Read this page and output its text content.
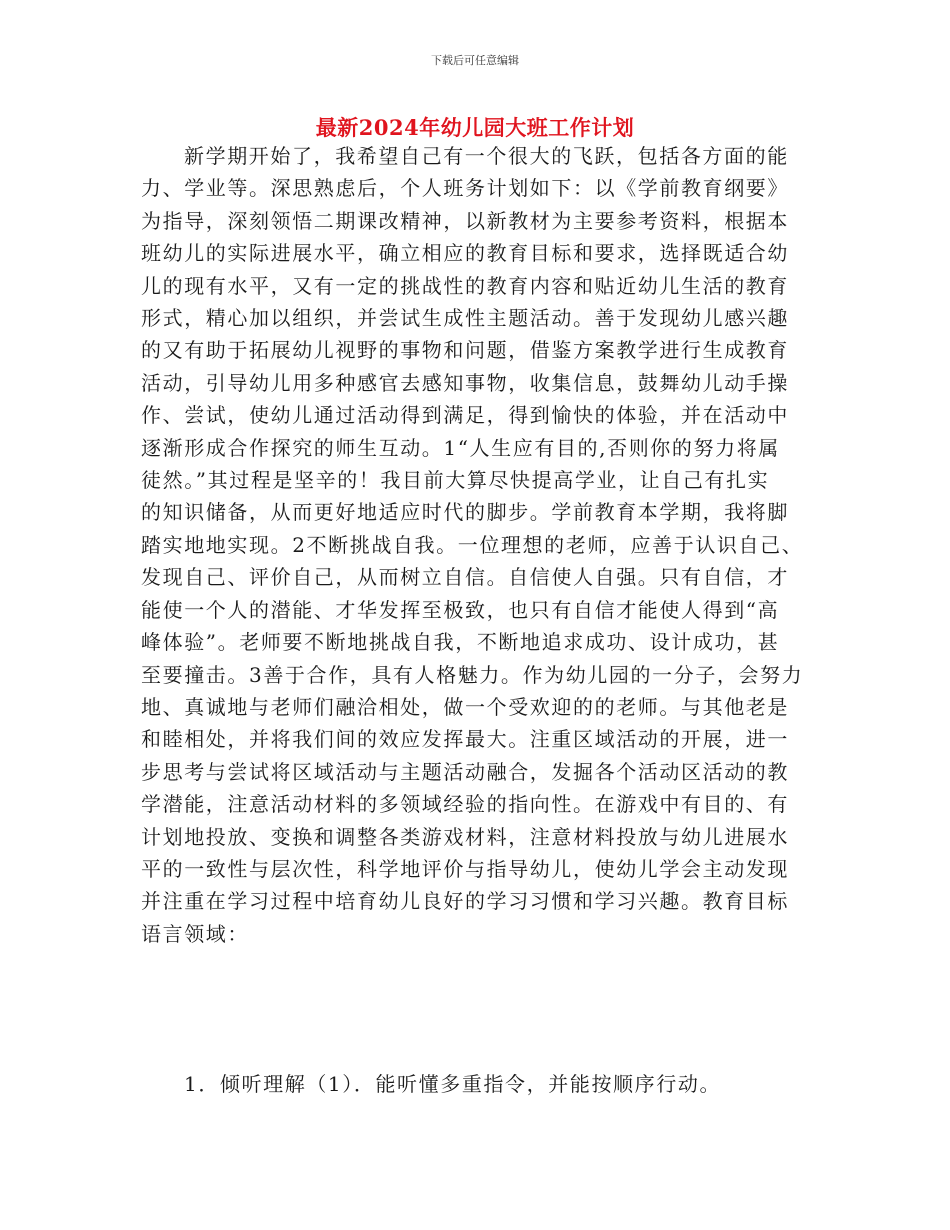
下载后可任意编辑
最新2024年幼儿园大班工作计划
新学期开始了，我希望自己有一个很大的飞跃，包括各方面的能
力、学业等。深思熟虑后，个人班务计划如下：以《学前教育纲要》
为指导，深刻领悟二期课改精神，以新教材为主要参考资料，根据本
班幼儿的实际进展水平，确立相应的教育目标和要求，选择既适合幼
儿的现有水平，又有一定的挑战性的教育内容和贴近幼儿生活的教育
形式，精心加以组织，并尝试生成性主题活动。善于发现幼儿感兴趣
的又有助于拓展幼儿视野的事物和问题，借鉴方案教学进行生成教育
活动，引导幼儿用多种感官去感知事物，收集信息，鼓舞幼儿动手操
作、尝试，使幼儿通过活动得到满足，得到愉快的体验，并在活动中
逐渐形成合作探究的师生互动。1“人生应有目的,否则你的努力将属
徒然。”其过程是坚辛的！我目前大算尽快提高学业，让自己有扎实
的知识储备，从而更好地适应时代的脚步。学前教育本学期，我将脚
踏实地地实现。2不断挑战自我。一位理想的老师，应善于认识自己、
发现自己、评价自己，从而树立自信。自信使人自强。只有自信，才
能使一个人的潜能、才华发挥至极致，也只有自信才能使人得到“高
峰体验”。老师要不断地挑战自我，不断地追求成功、设计成功，甚
至要撞击。3善于合作，具有人格魅力。作为幼儿园的一分子，会努力
地、真诚地与老师们融洽相处，做一个受欢迎的的老师。与其他老是
和睦相处，并将我们间的效应发挥最大。注重区域活动的开展，进一
步思考与尝试将区域活动与主题活动融合，发掘各个活动区活动的教
学潜能，注意活动材料的多领域经验的指向性。在游戏中有目的、有
计划地投放、变换和调整各类游戏材料，注意材料投放与幼儿进展水
平的一致性与层次性，科学地评价与指导幼儿，使幼儿学会主动发现
并注重在学习过程中培育幼儿良好的学习习惯和学习兴趣。教育目标
语言领域：
1．倾听理解（1）．能听懂多重指令，并能按顺序行动。
